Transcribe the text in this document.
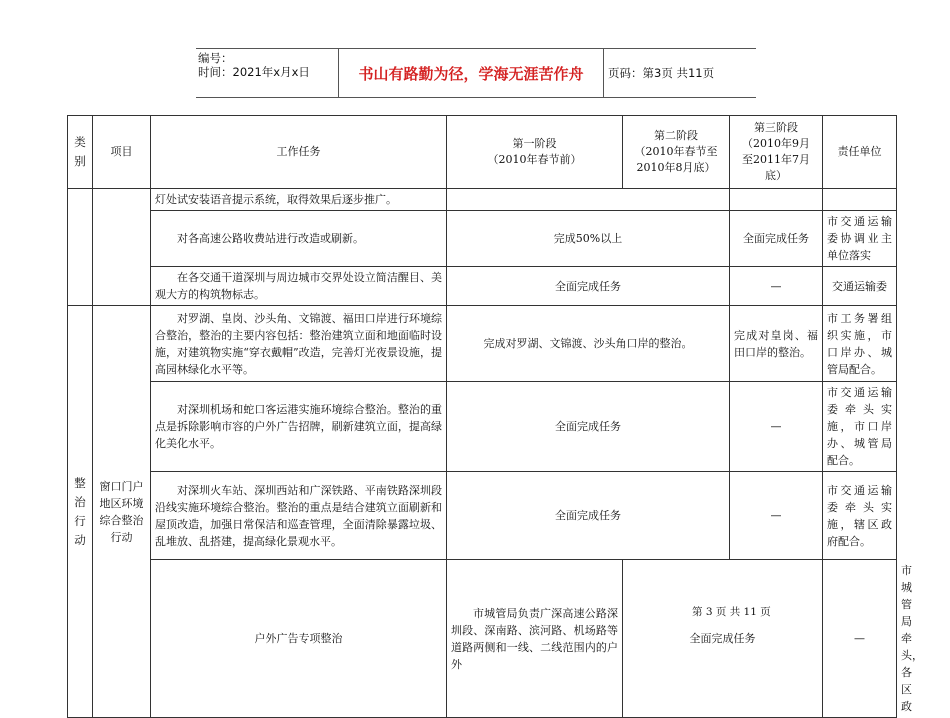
编号：
时间：2021年x月x日	书山有路勤为径，学海无涯苦作舟	页码：第3页 共11页
类别	项目	工作任务	第一阶段
（2010年春节前）	第二阶段
（2010年春节至
2010年8月底）	第三阶段
（2010年9月
至2011年7月
底）	责任单位	
		灯处试安装语音提示系统，取得效果后逐步推广。					
		对各高速公路收费站进行改造或刷新。	完成50%以上		全面完成任务	市交通运输委协调业主单位落实	
		在各交通干道深圳与周边城市交界处设立简洁醒目、美观大方的构筑物标志。	全面完成任务		—	交通运输委	
整治行动	窗口门户地区环境综合整治行动	对罗湖、皇岗、沙头角、文锦渡、福田口岸进行环境综合整治，整治的主要内容包括：整治建筑立面和地面临时设施，对建筑物实施“穿衣戴帽”改造，完善灯光夜景设施，提高园林绿化水平等。	完成对罗湖、文锦渡、沙头角口岸的整治。		完成对皇岗、福田口岸的整治。	市工务署组织实施，市口岸办、城管局配合。	
		对深圳机场和蛇口客运港实施环境综合整治。整治的重点是拆除影响市容的户外广告招牌，刷新建筑立面，提高绿化美化水平。	全面完成任务		—	市交通运输委牵头实施，市口岸办、城管局配合。	
		对深圳火车站、深圳西站和广深铁路、平南铁路深圳段沿线实施环境综合整治。整治的重点是结合建筑立面刷新和屋顶改造，加强日常保洁和巡查管理，全面清除暴露垃圾、乱堆放、乱搭建，提高绿化景观水平。	全面完成任务		—	市交通运输委牵头实施，辖区政府配合。	
		户外广告专项整治	市城管局负责广深高速公路深圳段、深南路、滨河路、机场路等道路两侧和一线、二线范围内的户外	全面完成任务		—	市城管局牵头，各区政
第 3 页 共 11 页
